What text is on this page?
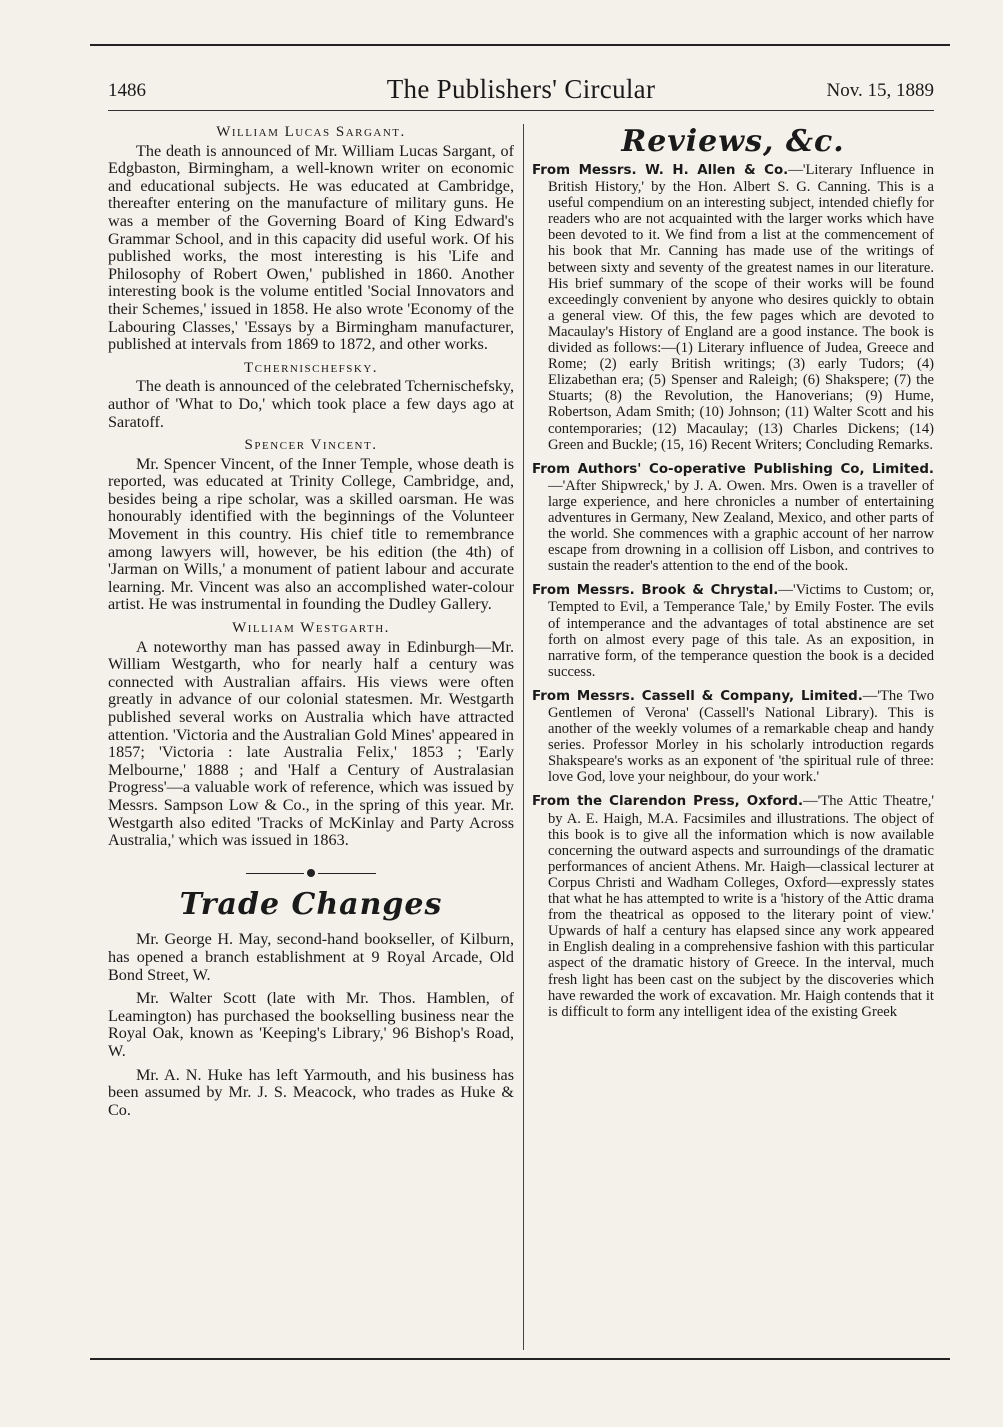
1486	The Publishers' Circular	Nov. 15, 1889
William Lucas Sargant.

The death is announced of Mr. William Lucas Sargant, of Edgbaston, Birmingham, a well-known writer on economic and educational subjects. He was educated at Cambridge, thereafter entering on the manufacture of military guns. He was a member of the Governing Board of King Edward's Grammar School, and in this capacity did useful work. Of his published works, the most interesting is his 'Life and Philosophy of Robert Owen,' published in 1860. Another interesting book is the volume entitled 'Social Innovators and their Schemes,' issued in 1858. He also wrote 'Economy of the Labouring Classes,' 'Essays by a Birmingham manufacturer, published at intervals from 1869 to 1872, and other works.

Tchernischefsky.

The death is announced of the celebrated Tchernischefsky, author of 'What to Do,' which took place a few days ago at Saratoff.

Spencer Vincent.

Mr. Spencer Vincent, of the Inner Temple, whose death is reported, was educated at Trinity College, Cambridge, and, besides being a ripe scholar, was a skilled oarsman. He was honourably identified with the beginnings of the Volunteer Movement in this country. His chief title to remembrance among lawyers will, however, be his edition (the 4th) of 'Jarman on Wills,' a monument of patient labour and accurate learning. Mr. Vincent was also an accomplished water-colour artist. He was instrumental in founding the Dudley Gallery.

William Westgarth.

A noteworthy man has passed away in Edinburgh—Mr. William Westgarth, who for nearly half a century was connected with Australian affairs. His views were often greatly in advance of our colonial statesmen. Mr. Westgarth published several works on Australia which have attracted attention. 'Victoria and the Australian Gold Mines' appeared in 1857; 'Victoria : late Australia Felix,' 1853 ; 'Early Melbourne,' 1888 ; and 'Half a Century of Australasian Progress'—a valuable work of reference, which was issued by Messrs. Sampson Low & Co., in the spring of this year. Mr. Westgarth also edited 'Tracks of McKinlay and Party Across Australia,' which was issued in 1863.

Trade Changes

Mr. George H. May, second-hand bookseller, of Kilburn, has opened a branch establishment at 9 Royal Arcade, Old Bond Street, W.

Mr. Walter Scott (late with Mr. Thos. Hamblen, of Leamington) has purchased the bookselling business near the Royal Oak, known as 'Keeping's Library,' 96 Bishop's Road, W.

Mr. A. N. Huke has left Yarmouth, and his business has been assumed by Mr. J. S. Meacock, who trades as Huke & Co.

Reviews, &c.

From Messrs. W. H. Allen & Co.—'Literary Influence in British History,' by the Hon. Albert S. G. Canning. This is a useful compendium on an interesting subject, intended chiefly for readers who are not acquainted with the larger works which have been devoted to it. We find from a list at the commencement of his book that Mr. Canning has made use of the writings of between sixty and seventy of the greatest names in our literature. His brief summary of the scope of their works will be found exceedingly convenient by anyone who desires quickly to obtain a general view. Of this, the few pages which are devoted to Macaulay's History of England are a good instance. The book is divided as follows:—(1) Literary influence of Judea, Greece and Rome; (2) early British writings; (3) early Tudors; (4) Elizabethan era; (5) Spenser and Raleigh; (6) Shakspere; (7) the Stuarts; (8) the Revolution, the Hanoverians; (9) Hume, Robertson, Adam Smith; (10) Johnson; (11) Walter Scott and his contemporaries; (12) Macaulay; (13) Charles Dickens; (14) Green and Buckle; (15, 16) Recent Writers; Concluding Remarks.

From Authors' Co-operative Publishing Co, Limited.—'After Shipwreck,' by J. A. Owen. Mrs. Owen is a traveller of large experience, and here chronicles a number of entertaining adventures in Germany, New Zealand, Mexico, and other parts of the world. She commences with a graphic account of her narrow escape from drowning in a collision off Lisbon, and contrives to sustain the reader's attention to the end of the book.

From Messrs. Brook & Chrystal.—'Victims to Custom; or, Tempted to Evil, a Temperance Tale,' by Emily Foster. The evils of intemperance and the advantages of total abstinence are set forth on almost every page of this tale. As an exposition, in narrative form, of the temperance question the book is a decided success.

From Messrs. Cassell & Company, Limited.—'The Two Gentlemen of Verona' (Cassell's National Library). This is another of the weekly volumes of a remarkable cheap and handy series. Professor Morley in his scholarly introduction regards Shakspeare's works as an exponent of 'the spiritual rule of three: love God, love your neighbour, do your work.'

From the Clarendon Press, Oxford.—'The Attic Theatre,' by A. E. Haigh, M.A. Facsimiles and illustrations. The object of this book is to give all the information which is now available concerning the outward aspects and surroundings of the dramatic performances of ancient Athens. Mr. Haigh—classical lecturer at Corpus Christi and Wadham Colleges, Oxford—expressly states that what he has attempted to write is a 'history of the Attic drama from the theatrical as opposed to the literary point of view.' Upwards of half a century has elapsed since any work appeared in English dealing in a comprehensive fashion with this particular aspect of the dramatic history of Greece. In the interval, much fresh light has been cast on the subject by the discoveries which have rewarded the work of excavation. Mr. Haigh contends that it is difficult to form any intelligent idea of the existing Greek
